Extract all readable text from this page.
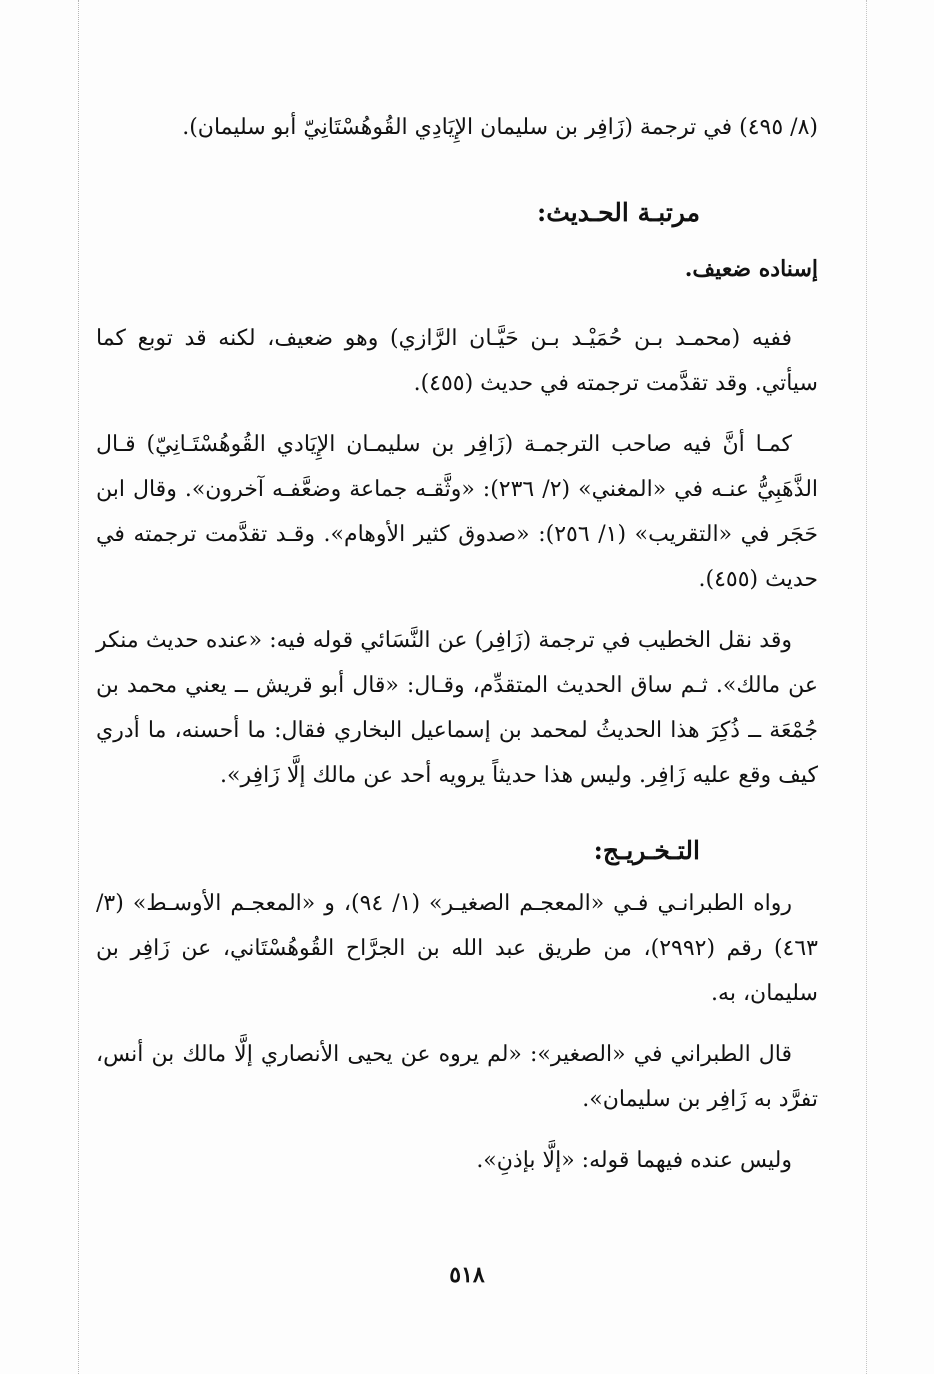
(٨/ ٤٩٥) في ترجمة (زَافِر بن سليمان الإِيَادِي القُوهُسْتَانِيّ أبو سليمان).

مرتبـة الحـديث:

إسناده ضعيف.

ففيه (محمـد بـن حُمَيْـد بـن حَيَّـان الرَّازي) وهو ضعيف، لكنه قد توبع كما سيأتي. وقد تقدَّمت ترجمته في حديث (٤٥٥).

كمـا أنَّ فيه صاحب الترجمـة (زَافِر بن سليمـان الإِيَادي القُوهُسْتَـانِيّ) قـال الذَّهَبِيُّ عنـه في «المغني» (٢/ ٢٣٦): «وثَّقـه جماعة وضعَّفـه آخرون». وقال ابن حَجَر في «التقريب» (١/ ٢٥٦): «صدوق كثير الأوهام». وقـد تقدَّمت ترجمته في حديث (٤٥٥).

وقد نقل الخطيب في ترجمة (زَافِر) عن النَّسَائي قوله فيه: «عنده حديث منكر عن مالك». ثـم ساق الحديث المتقدِّم، وقـال: «قال أبو قريش ــ يعني محمد بن جُمْعَة ــ ذُكِرَ هذا الحديثُ لمحمد بن إسماعيل البخاري فقال: ما أحسنه، ما أدري كيف وقع عليه زَافِر. وليس هذا حديثاً يرويه أحد عن مالك إلَّا زَافِر».

التـخـريـج:

رواه الطبرانـي فـي «المعجـم الصغيـر» (١/ ٩٤)، و «المعجـم الأوسـط» (٣/ ٤٦٣) رقم (٢٩٩٢)، من طريق عبد الله بن الجرَّاح القُوهُسْتَاني، عن زَافِر بن سليمان، به.

قال الطبراني في «الصغير»: «لم يروه عن يحيى الأنصاري إلَّا مالك بن أنس، تفرَّد به زَافِر بن سليمان».

وليس عنده فيهما قوله: «إلَّا بإذنِ».

٥١٨
